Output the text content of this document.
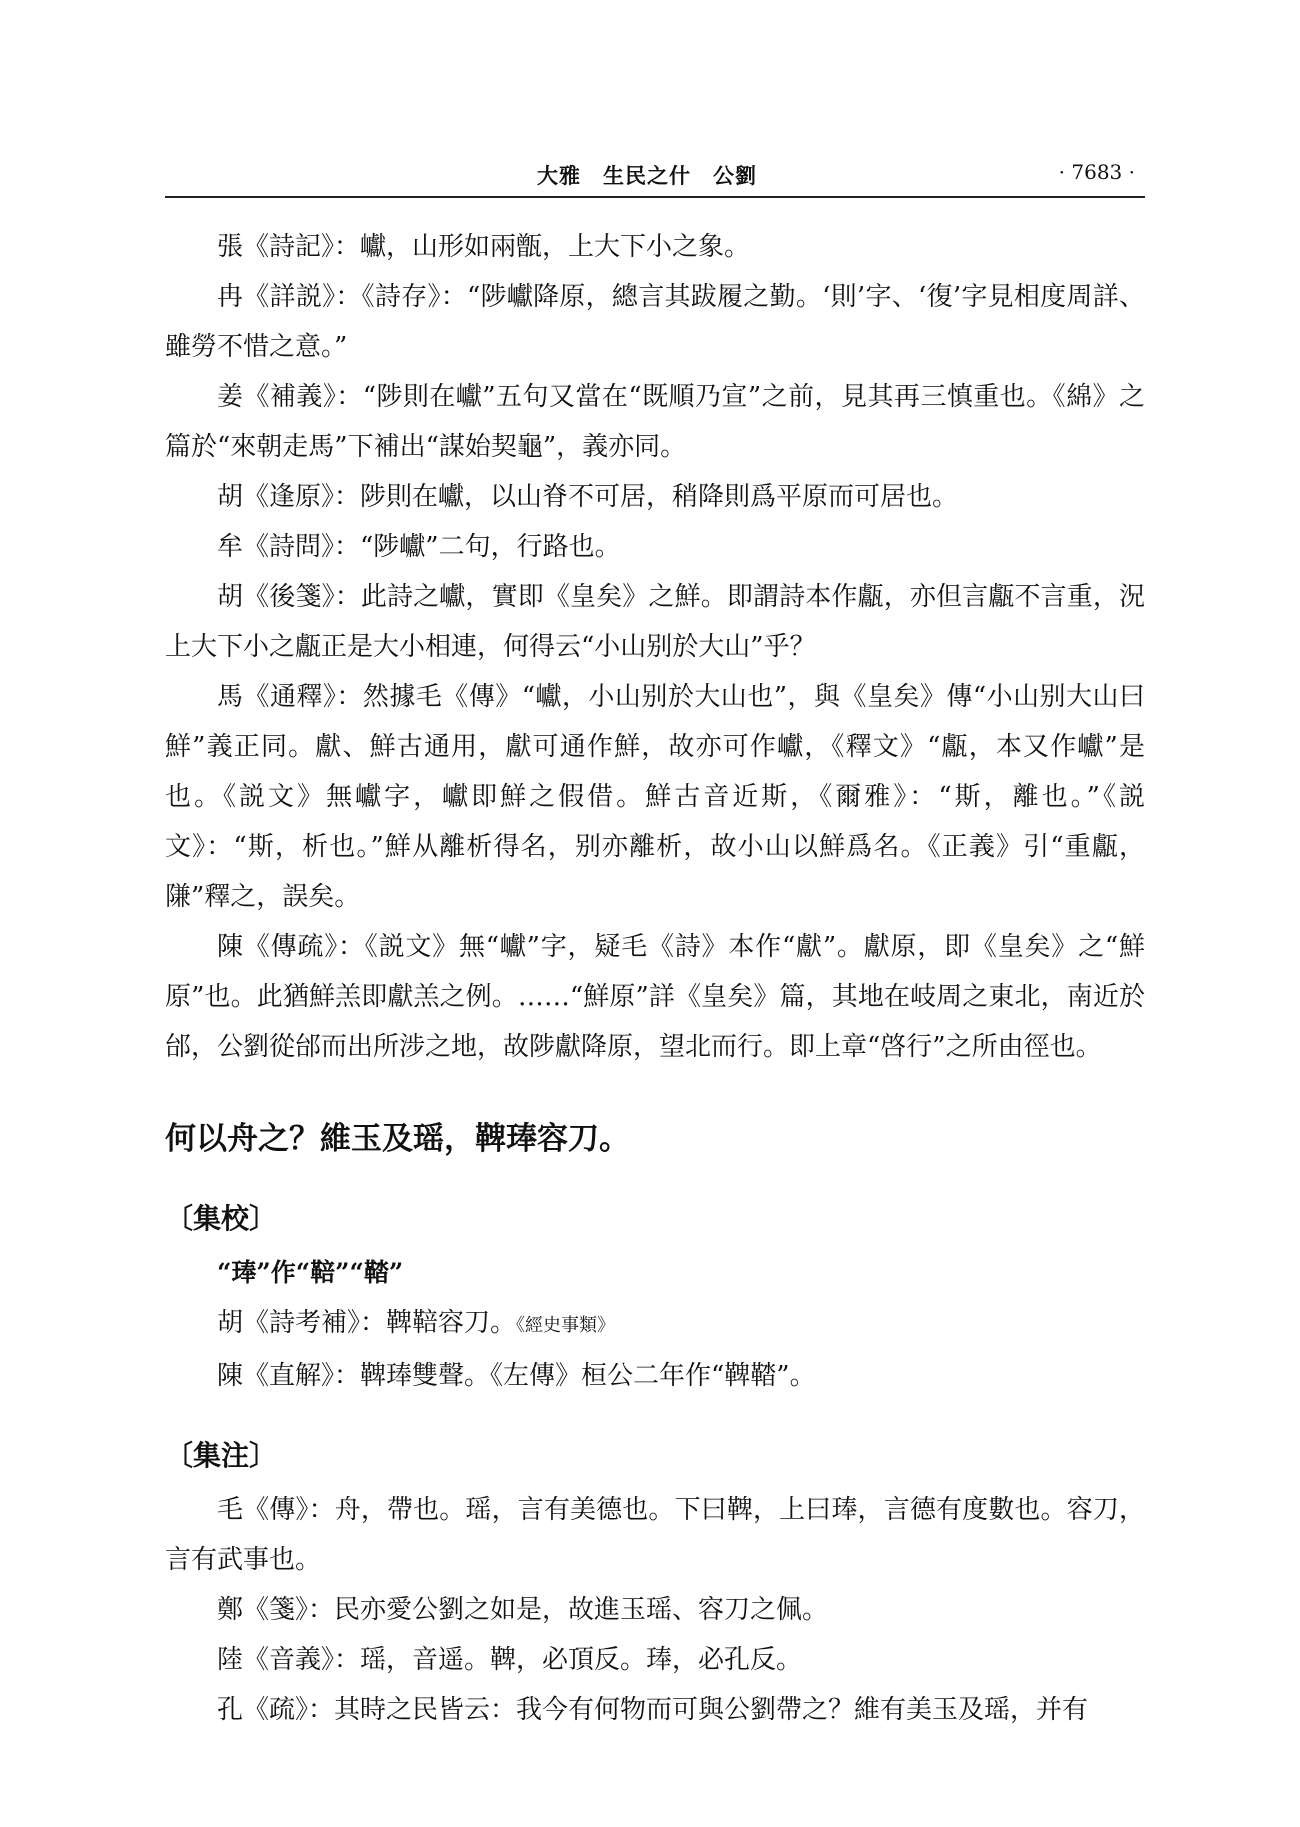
大雅　生民之什　公劉	· 7683 ·

張《詩記》：巘，山形如兩甑，上大下小之象。

冉《詳説》：《詩存》：“陟巘降原，總言其跋履之勤。‘則’字、‘復’字見相度周詳、雖勞不惜之意。”

姜《補義》：“陟則在巘”五句又當在“既順乃宣”之前，見其再三慎重也。《綿》之篇於“來朝走馬”下補出“謀始契龜”，義亦同。

胡《逢原》：陟則在巘，以山脊不可居，稍降則爲平原而可居也。

牟《詩問》：“陟巘”二句，行路也。

胡《後箋》：此詩之巘，實即《皇矣》之鮮。即謂詩本作甗，亦但言甗不言重，況上大下小之甗正是大小相連，何得云“小山别於大山”乎？

馬《通釋》：然據毛《傳》“巘，小山别於大山也”，與《皇矣》傳“小山别大山曰鮮”義正同。獻、鮮古通用，獻可通作鮮，故亦可作巘，《釋文》“甗，本又作巘”是也。《説文》無巘字，巘即鮮之假借。鮮古音近斯，《爾雅》：“斯，離也。”《説文》：“斯，析也。”鮮从離析得名，别亦離析，故小山以鮮爲名。《正義》引“重甗，隒”釋之，誤矣。

陳《傳疏》：《説文》無“巘”字，疑毛《詩》本作“獻”。獻原，即《皇矣》之“鮮原”也。此猶鮮羔即獻羔之例。……“鮮原”詳《皇矣》篇，其地在岐周之東北，南近於邰，公劉從邰而出所涉之地，故陟獻降原，望北而行。即上章“啓行”之所由徑也。

何以舟之？維玉及瑶，鞞琫容刀。
〔集校〕

“琫”作“鞛”“鞜”

胡《詩考補》：鞞鞛容刀。《經史事類》

陳《直解》：鞞琫雙聲。《左傳》桓公二年作“鞞鞜”。

〔集注〕

毛《傳》：舟，帶也。瑶，言有美德也。下曰鞞，上曰琫，言德有度數也。容刀，言有武事也。

鄭《箋》：民亦愛公劉之如是，故進玉瑶、容刀之佩。

陸《音義》：瑶，音遥。鞞，必頂反。琫，必孔反。

孔《疏》：其時之民皆云：我今有何物而可與公劉帶之？維有美玉及瑶，并有
